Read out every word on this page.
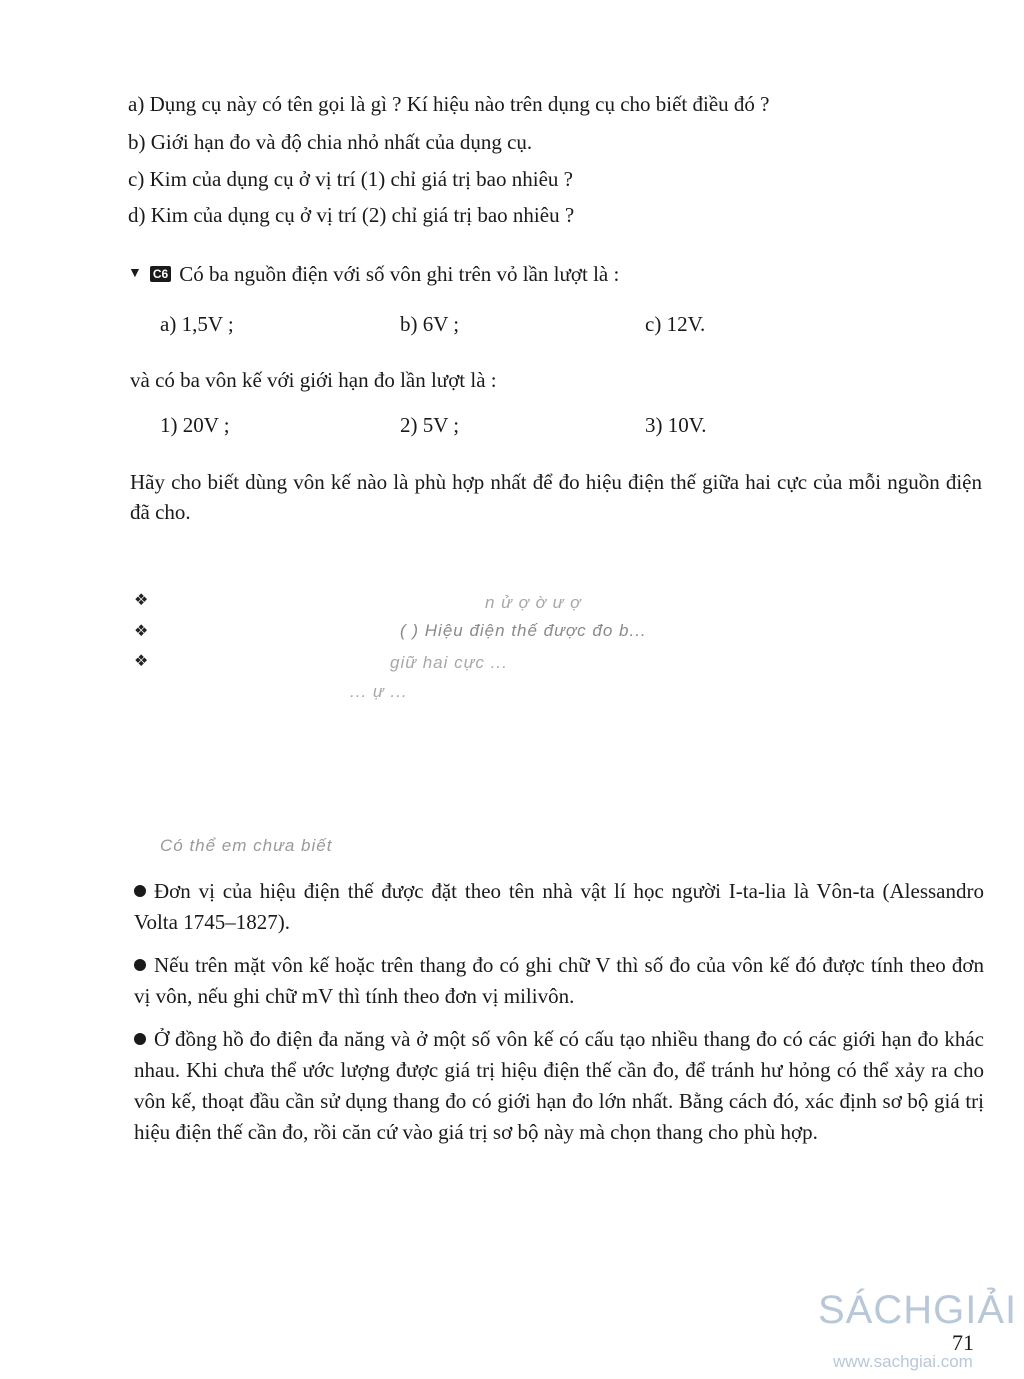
a) Dụng cụ này có tên gọi là gì ? Kí hiệu nào trên dụng cụ cho biết điều đó ?
b) Giới hạn đo và độ chia nhỏ nhất của dụng cụ.
c) Kim của dụng cụ ở vị trí (1) chỉ giá trị bao nhiêu ?
d) Kim của dụng cụ ở vị trí (2) chỉ giá trị bao nhiêu ?
▼ C6 Có ba nguồn điện với số vôn ghi trên vỏ lần lượt là :
a) 1,5V ;	b) 6V ;	c) 12V.
và có ba vôn kế với giới hạn đo lần lượt là :
1) 20V ;	2) 5V ;	3) 10V.
Hãy cho biết dùng vôn kế nào là phù hợp nhất để đo hiệu điện thế giữa hai cực của mỗi nguồn điện đã cho.
❖
❖
❖
n ử ợ ờ ư ợ
( ) Hiệu điện thế được đo b...
giữ hai cực ...
... ự ...
Có thể em chưa biết
Đơn vị của hiệu điện thế được đặt theo tên nhà vật lí học người I-ta-lia là Vôn-ta (Alessandro Volta 1745–1827).
Nếu trên mặt vôn kế hoặc trên thang đo có ghi chữ V thì số đo của vôn kế đó được tính theo đơn vị vôn, nếu ghi chữ mV thì tính theo đơn vị milivôn.
Ở đồng hồ đo điện đa năng và ở một số vôn kế có cấu tạo nhiều thang đo có các giới hạn đo khác nhau. Khi chưa thể ước lượng được giá trị hiệu điện thế cần đo, để tránh hư hỏng có thể xảy ra cho vôn kế, thoạt đầu cần sử dụng thang đo có giới hạn đo lớn nhất. Bằng cách đó, xác định sơ bộ giá trị hiệu điện thế cần đo, rồi căn cứ vào giá trị sơ bộ này mà chọn thang cho phù hợp.
SÁCHGIẢI
71
www.sachgiai.com
